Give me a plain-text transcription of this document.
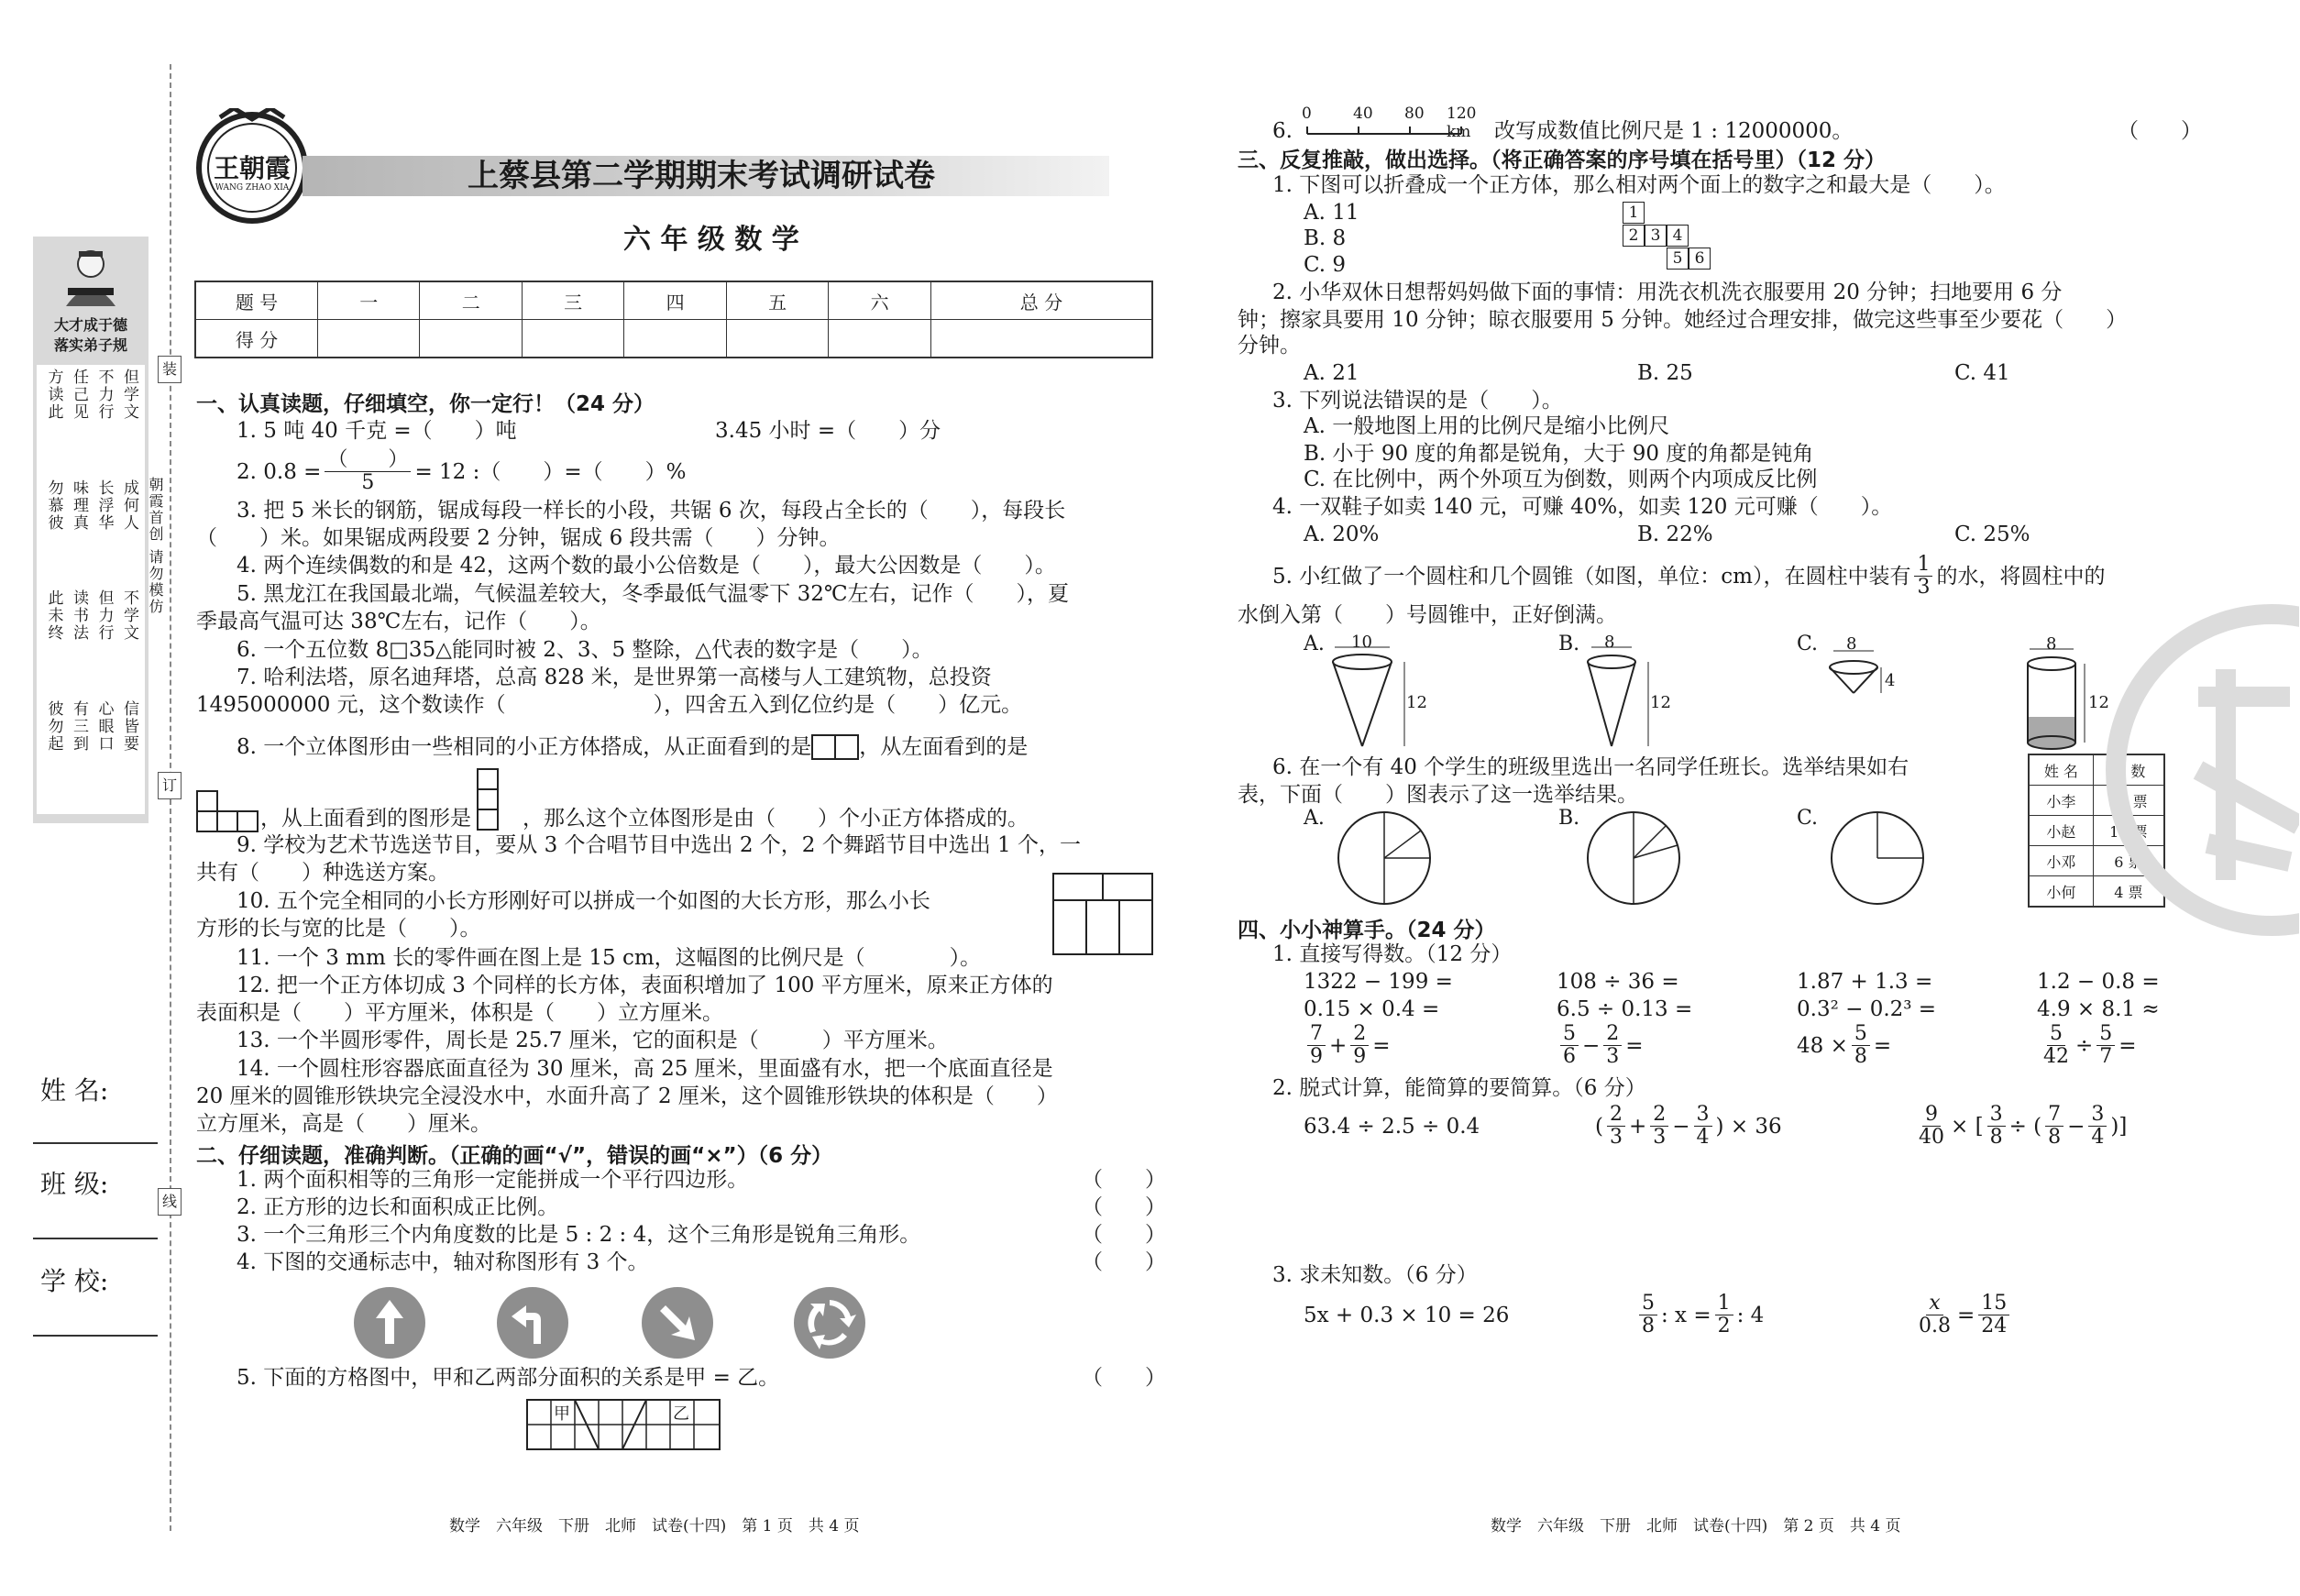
大才成于德
落实弟子规
方读此 任己见 不力行 但学文
勿慕彼 味理真 长浮华 成何人
此未终 读书法 但力行 不学文
彼勿起 有三到 心眼口 信皆要
装
朝霞首创 请勿模仿
订
线
姓 名:
班 级:
学 校:
王朝霞
WANG ZHAO XIA	上蔡县第二学期期末考试调研试卷
六 年 级 数 学
题 号	一	二	三	四	五	六	总 分
得 分							
一、认真读题，仔细填空，你一定行！（24 分）
1. 5 吨 40 千克 =（　　）吨	3.45 小时 =（　　）分
2. $0.8 = \frac{( )}{5} = 12$ :（　　）=（　　）%
3. 把 5 米长的钢筋，锯成每段一样长的小段，共锯 6 次，每段占全长的（　　），每段长
（　　）米。如果锯成两段要 2 分钟，锯成 6 段共需（　　）分钟。
4. 两个连续偶数的和是 42，这两个数的最小公倍数是（　　），最大公因数是（　　）。
5. 黑龙江在我国最北端，气候温差较大，冬季最低气温零下 32℃左右，记作（　　），夏
季最高气温可达 38℃左右，记作（　　）。
6. 一个五位数 8□35△能同时被 2、3、5 整除，△代表的数字是（　　）。
7. 哈利法塔，原名迪拜塔，总高 828 米，是世界第一高楼与人工建筑物，总投资
1495000000 元，这个数读作（　　　　　　　），四舍五入到亿位约是（　　）亿元。
8. 一个立体图形由一些相同的小正方体搭成，从正面看到的是 ，从左面看到的是
，从上面看到的图形是 ，那么这个立体图形是由（　　）个小正方体搭成的。
9. 学校为艺术节选送节目，要从 3 个合唱节目中选出 2 个，2 个舞蹈节目中选出 1 个，一
共有（　　）种选送方案。
10. 五个完全相同的小长方形刚好可以拼成一个如图的大长方形，那么小长
方形的长与宽的比是（　　）。
11. 一个 3 mm 长的零件画在图上是 15 cm，这幅图的比例尺是（　　　　）。
12. 把一个正方体切成 3 个同样的长方体，表面积增加了 100 平方厘米，原来正方体的
表面积是（　　）平方厘米，体积是（　　）立方厘米。
13. 一个半圆形零件，周长是 25.7 厘米，它的面积是（　　　）平方厘米。
14. 一个圆柱形容器底面直径为 30 厘米，高 25 厘米，里面盛有水，把一个底面直径是
20 厘米的圆锥形铁块完全浸没水中，水面升高了 2 厘米，这个圆锥形铁块的体积是（　　）
立方厘米，高是（　　）厘米。
二、仔细读题，准确判断。（正确的画“√”，错误的画“×”）（6 分）
1. 两个面积相等的三角形一定能拼成一个平行四边形。	（　　）
2. 正方形的边长和面积成正比例。	（　　）
3. 一个三角形三个内角度数的比是 5 : 2 : 4，这个三角形是锐角三角形。	（　　）
4. 下图的交通标志中，轴对称图形有 3 个。	（　　）
5. 下面的方格图中，甲和乙两部分面积的关系是甲 = 乙。	（　　）
甲	乙
数学　六年级　下册　北师　试卷(十四)　第 1 页　共 4 页
6.
0	40 80 120 km	改写成数值比例尺是 1 : 12000000。	（　　）
三、反复推敲，做出选择。（将正确答案的序号填在括号里）（12 分）
1. 下图可以折叠成一个正方体，那么相对两个面上的数字之和最大是（　　）。
A. 11
B. 8
C. 9
1
2 3 4
5 6
2. 小华双休日想帮妈妈做下面的事情：用洗衣机洗衣服要用 20 分钟；扫地要用 6 分
钟；擦家具要用 10 分钟；晾衣服要用 5 分钟。她经过合理安排，做完这些事至少要花（　　）
分钟。
A. 21	B. 25	C. 41
3. 下列说法错误的是（　　）。
A. 一般地图上用的比例尺是缩小比例尺
B. 小于 90 度的角都是锐角，大于 90 度的角都是钝角
C. 在比例中，两个外项互为倒数，则两个内项成反比例
4. 一双鞋子如卖 140 元，可赚 40%，如卖 120 元可赚（　　）。
A. 20%	B. 22%	C. 25%
5. 小红做了一个圆柱和几个圆锥（如图，单位：cm），在圆柱中装有 $\frac{1}{3}$ 的水，将圆柱中的
水倒入第（　　）号圆锥中，正好倒满。
A. 10
12
B. 8
12
C. 8
4
8
12
6. 在一个有 40 个学生的班级里选出一名同学任班长。选举结果如右
表，下面（　　）图表示了这一选举结果。
A.	B.	C.
姓 名	票 数
小李	20 票
小赵	10 票
小邓	6 票
小何	4 票
四、小小神算手。（24 分）
1. 直接写得数。（12 分）
1322 − 199 =	108 ÷ 36 =	1.87 + 1.3 =	1.2 − 0.8 =
0.15 × 0.4 =	6.5 ÷ 0.13 =	0.3² − 0.2³ =	4.9 × 8.1 ≈
$\frac{7}{9} + \frac{2}{9}$ =	$\frac{5}{6} - \frac{2}{3}$ =	$48 \times \frac{5}{8}$ =	$\frac{5}{42} \div \frac{5}{7}$ =
2. 脱式计算，能简算的要简算。（6 分）
63.4 ÷ 2.5 ÷ 0.4	( $\frac{2}{3} + \frac{2}{3} - \frac{3}{4}$ ) × 36	$\frac{9}{40}$ × [ $\frac{3}{8}$ ÷ ( $\frac{7}{8} - \frac{3}{4}$ )]
3. 求未知数。（6 分）
5x + 0.3 × 10 = 26	$\frac{5}{8}$ : $x = \frac{1}{2}$ : 4	$\frac{x}{0.8} = \frac{15}{24}$
数学　六年级　下册　北师　试卷(十四)　第 2 页　共 4 页
